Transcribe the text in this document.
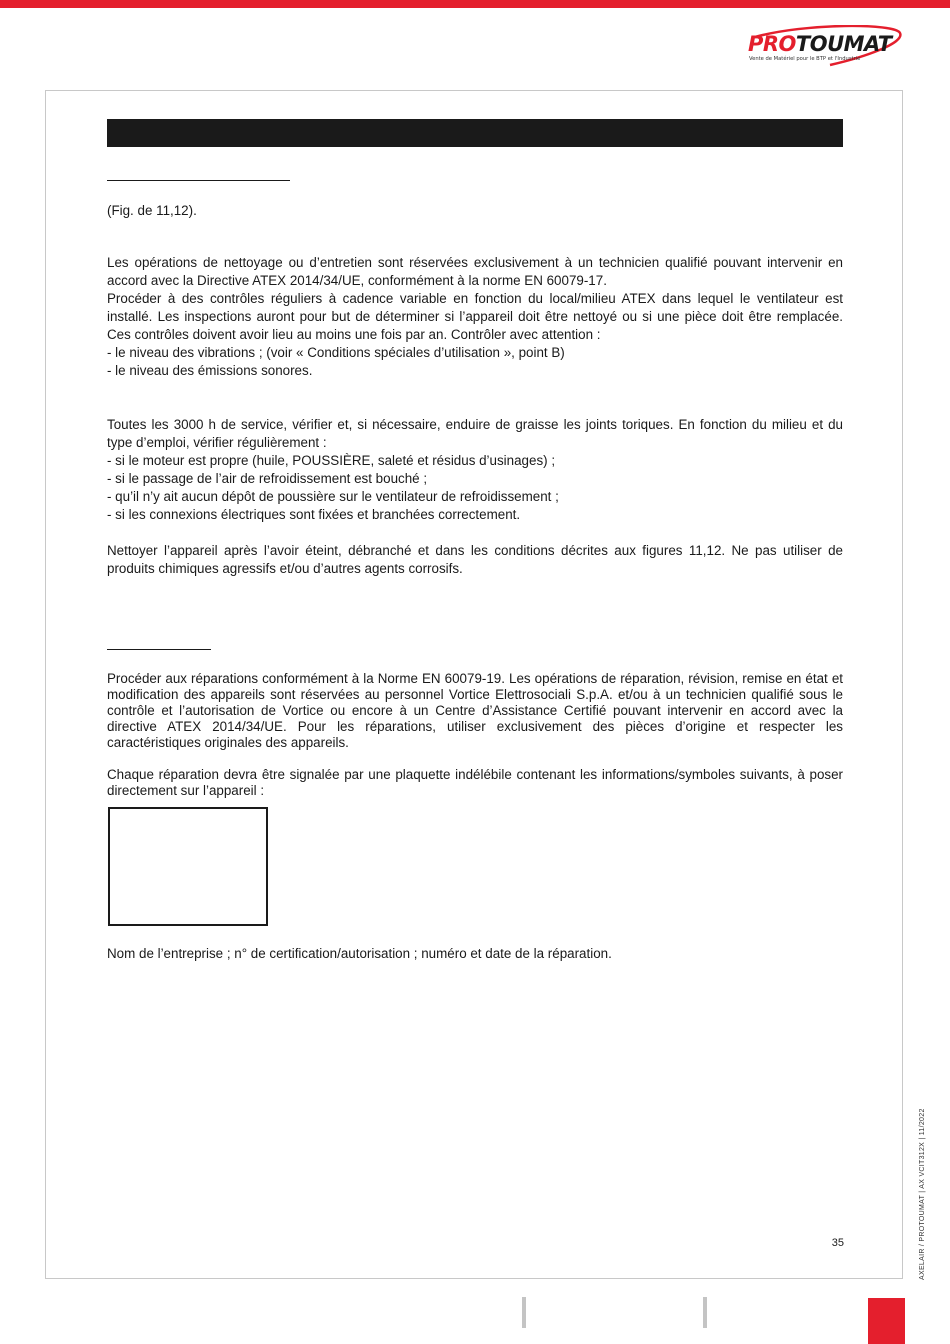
PROTOUMAT
Vente de Matériel pour le BTP et l'Industrie

(Fig. de 11,12).

Les opérations de nettoyage ou d’entretien sont réservées exclusivement à un technicien qualifié pouvant intervenir en accord avec la Directive ATEX 2014/34/UE, conformément à la norme EN 60079-17.
Procéder à des contrôles réguliers à cadence variable en fonction du local/milieu ATEX dans lequel le ventilateur est installé. Les inspections auront pour but de déterminer si l’appareil doit être nettoyé ou si une pièce doit être remplacée. Ces contrôles doivent avoir lieu au moins une fois par an. Contrôler avec attention :
- le niveau des vibrations ; (voir « Conditions spéciales d’utilisation », point B)
- le niveau des émissions sonores.
Toutes les 3000 h de service, vérifier et, si nécessaire, enduire de graisse les joints toriques. En fonction du milieu et du type d’emploi, vérifier régulièrement :
- si le moteur est propre (huile, POUSSIÈRE, saleté et résidus d’usinages) ;
- si le passage de l’air de refroidissement est bouché ;
- qu’il n’y ait aucun dépôt de poussière sur le ventilateur de refroidissement ;
- si les connexions électriques sont fixées et branchées correctement.

Nettoyer l’appareil après l’avoir éteint, débranché et dans les conditions décrites aux figures 11,12. Ne pas utiliser de produits chimiques agressifs et/ou d’autres agents corrosifs.

Procéder aux réparations conformément à la Norme EN 60079-19. Les opérations de réparation, révision, remise en état et modification des appareils sont réservées au personnel Vortice Elettrosociali S.p.A. et/ou à un technicien qualifié sous le contrôle et l’autorisation de Vortice ou encore à un Centre d’Assistance Certifié pouvant intervenir en accord avec la directive ATEX 2014/34/UE. Pour les réparations, utiliser exclusivement des pièces d’origine et respecter les caractéristiques originales des appareils.

Chaque réparation devra être signalée par une plaquette indélébile contenant les informations/symboles suivants, à poser directement sur l’appareil :

Nom de l’entreprise ; n° de certification/autorisation ; numéro et date de la réparation.

35	AXELAIR / PROTOUMAT | AX VCIT312X | 11/2022
